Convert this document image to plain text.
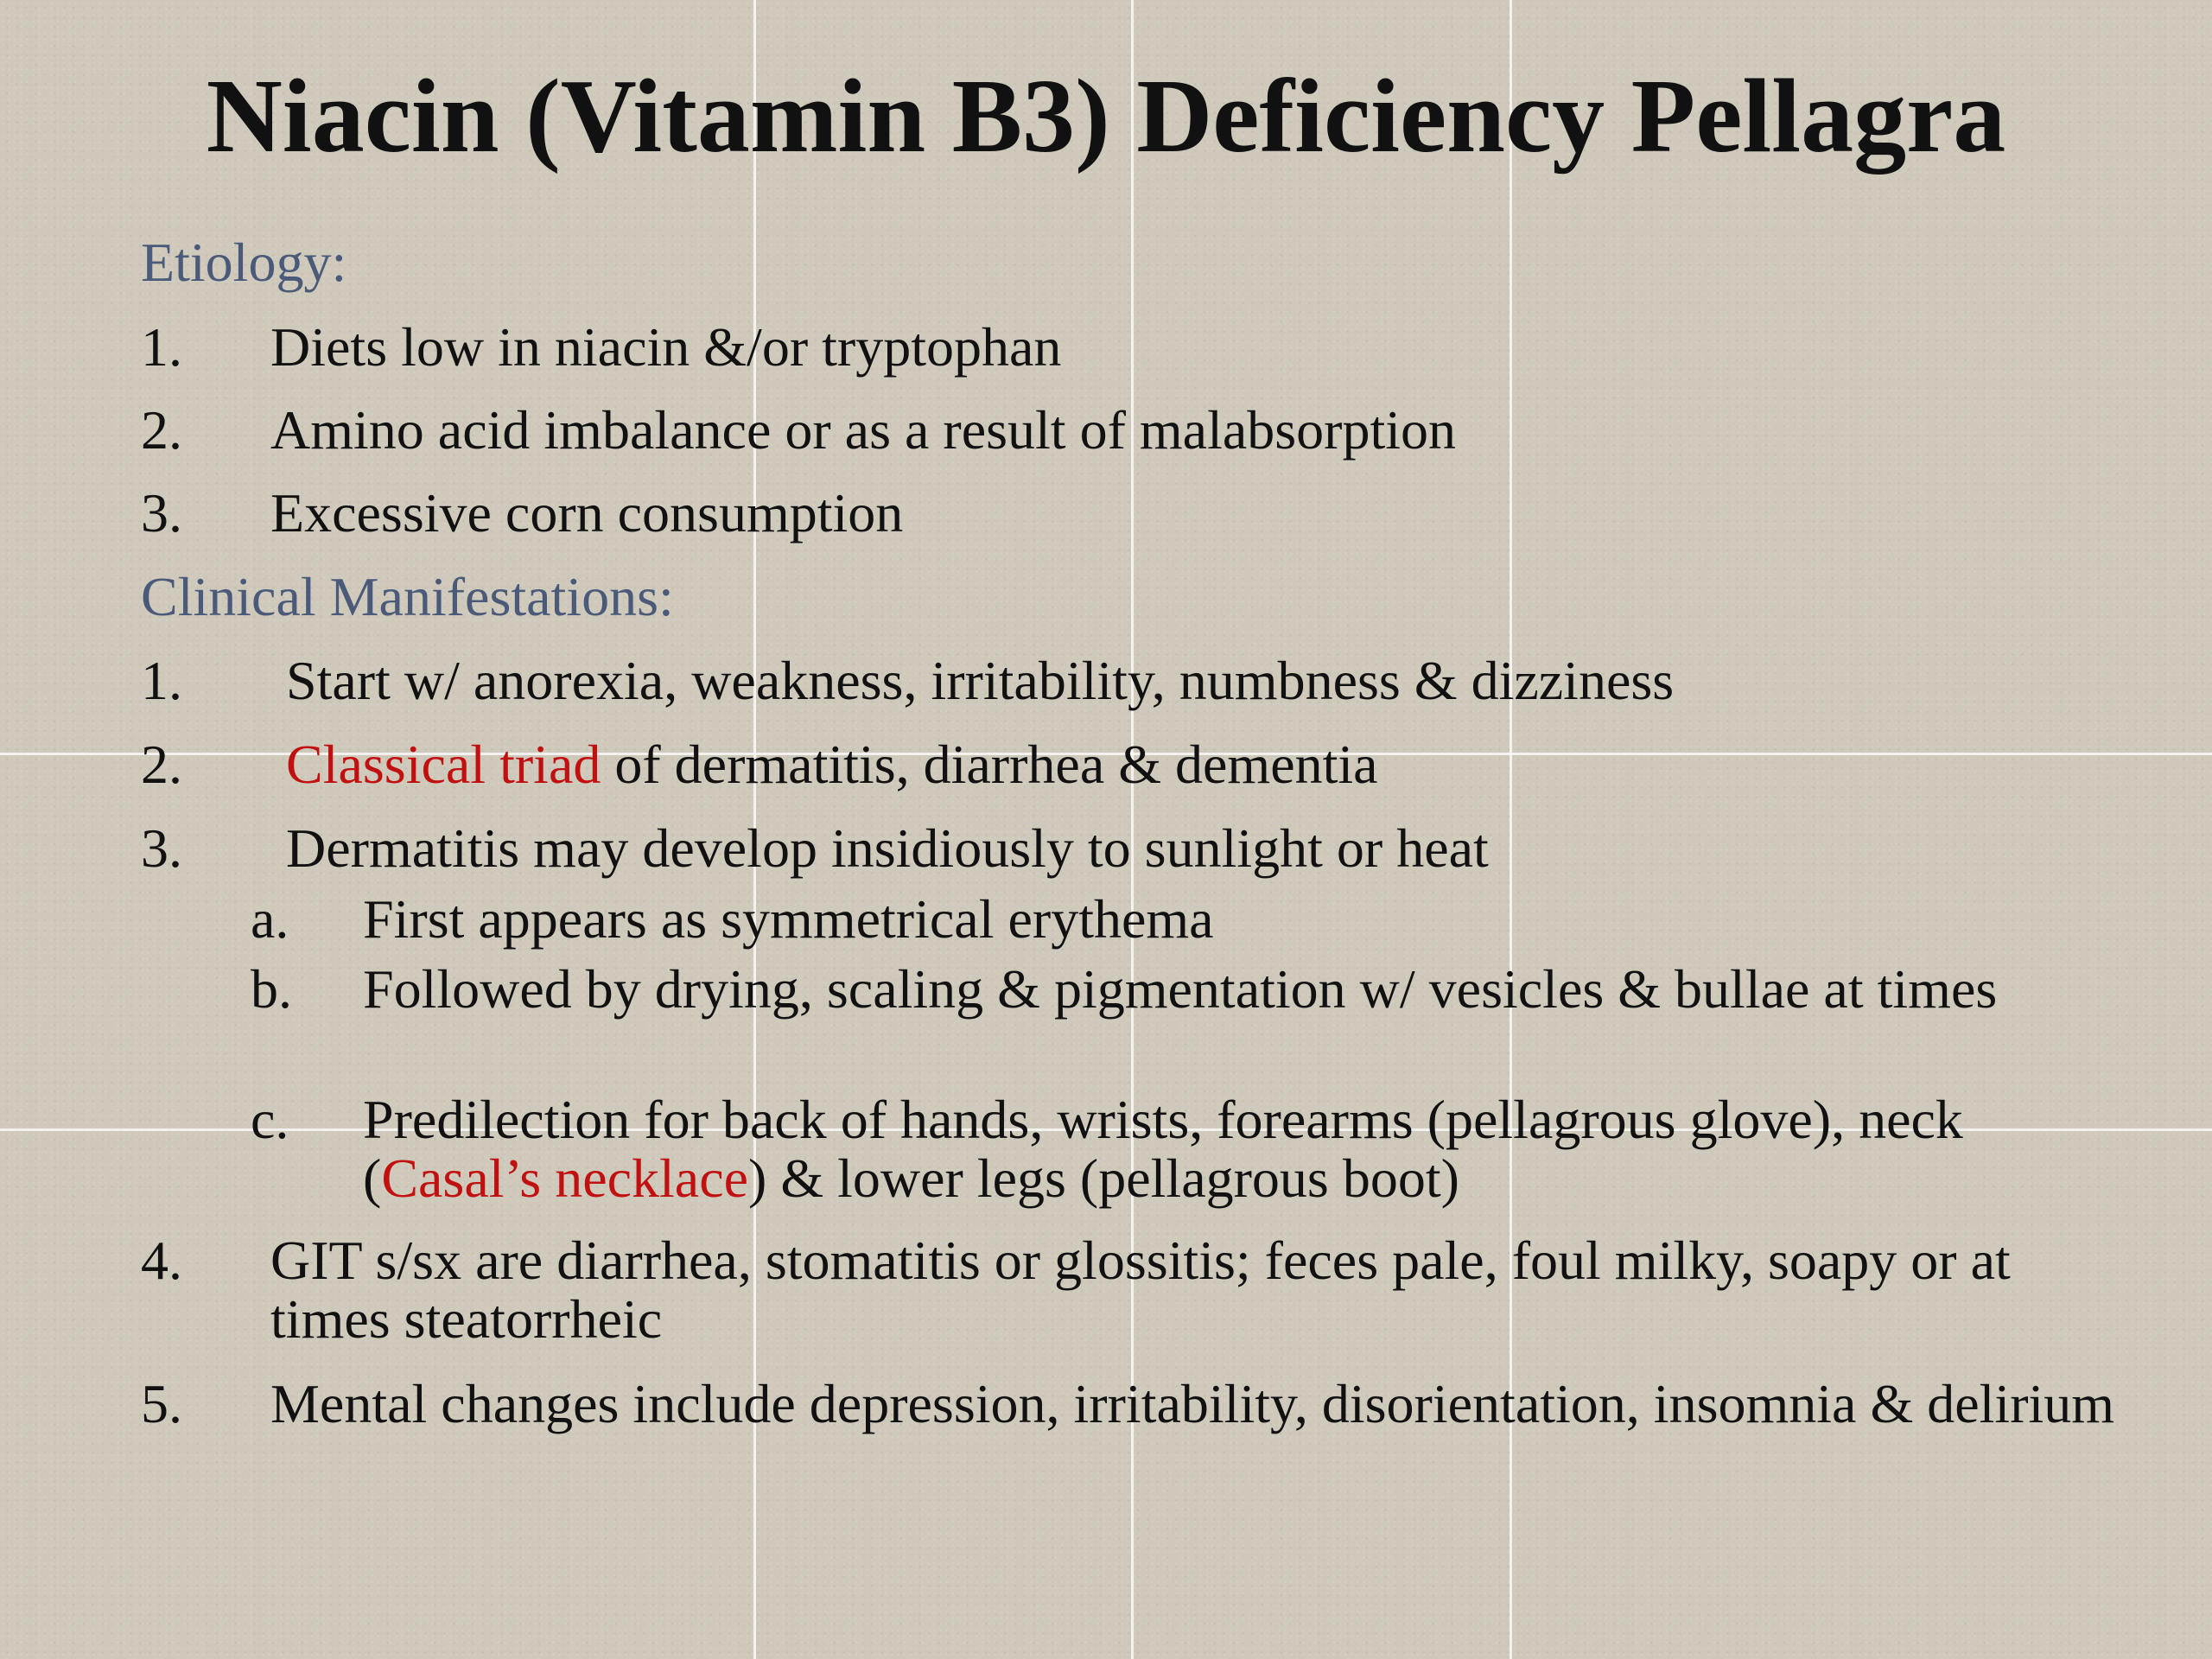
Niacin (Vitamin B3) Deficiency Pellagra
Etiology:
1. Diets low in niacin &/or tryptophan
2. Amino acid imbalance or as a result of malabsorption
3. Excessive corn consumption
Clinical Manifestations:
1. Start w/ anorexia, weakness, irritability, numbness & dizziness
2. Classical triad of dermatitis, diarrhea & dementia
3. Dermatitis may develop insidiously to sunlight or heat
a. First appears as symmetrical erythema
b. Followed by drying, scaling & pigmentation w/ vesicles & bullae at times
c. Predilection for back of hands, wrists, forearms (pellagrous glove), neck (Casal’s necklace) & lower legs (pellagrous boot)
4. GIT s/sx are diarrhea, stomatitis or glossitis; feces pale, foul milky, soapy or at times steatorrheic
5. Mental changes include depression, irritability, disorientation, insomnia & delirium
